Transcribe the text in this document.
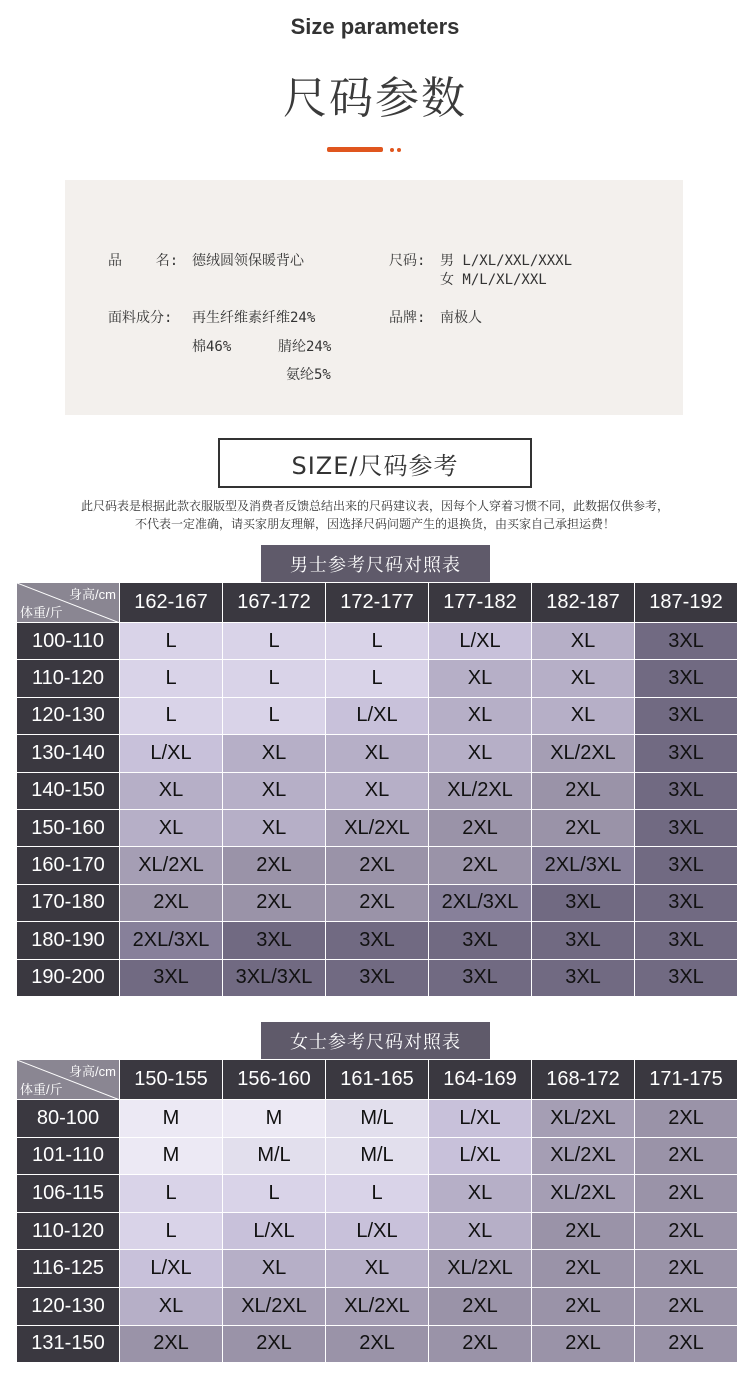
Size parameters
尺码参数
品    名: 德绒圆领保暖背心	尺码: 男 L/XL/XXL/XXXL
女 M/L/XL/XXL
面料成分: 再生纤维素纤维24%	品牌: 南极人
棉46%	腈纶24%
氨纶5%
SIZE/尺码参考
此尺码表是根据此款衣服版型及消费者反馈总结出来的尺码建议表，因每个人穿着习惯不同，此数据仅供参考，
不代表一定准确，请买家朋友理解，因选择尺码问题产生的退换货，由买家自己承担运费！
男士参考尺码对照表
身高/cm
体重/斤	162-167	167-172	172-177	177-182	182-187	187-192
100-110	L	L	L	L/XL	XL	3XL
110-120	L	L	L	XL	XL	3XL
120-130	L	L	L/XL	XL	XL	3XL
130-140	L/XL	XL	XL	XL	XL/2XL	3XL
140-150	XL	XL	XL	XL/2XL	2XL	3XL
150-160	XL	XL	XL/2XL	2XL	2XL	3XL
160-170	XL/2XL	2XL	2XL	2XL	2XL/3XL	3XL
170-180	2XL	2XL	2XL	2XL/3XL	3XL	3XL
180-190	2XL/3XL	3XL	3XL	3XL	3XL	3XL
190-200	3XL	3XL/3XL	3XL	3XL	3XL	3XL
女士参考尺码对照表
身高/cm
体重/斤	150-155	156-160	161-165	164-169	168-172	171-175
80-100	M	M	M/L	L/XL	XL/2XL	2XL
101-110	M	M/L	M/L	L/XL	XL/2XL	2XL
106-115	L	L	L	XL	XL/2XL	2XL
110-120	L	L/XL	L/XL	XL	2XL	2XL
116-125	L/XL	XL	XL	XL/2XL	2XL	2XL
120-130	XL	XL/2XL	XL/2XL	2XL	2XL	2XL
131-150	2XL	2XL	2XL	2XL	2XL	2XL
